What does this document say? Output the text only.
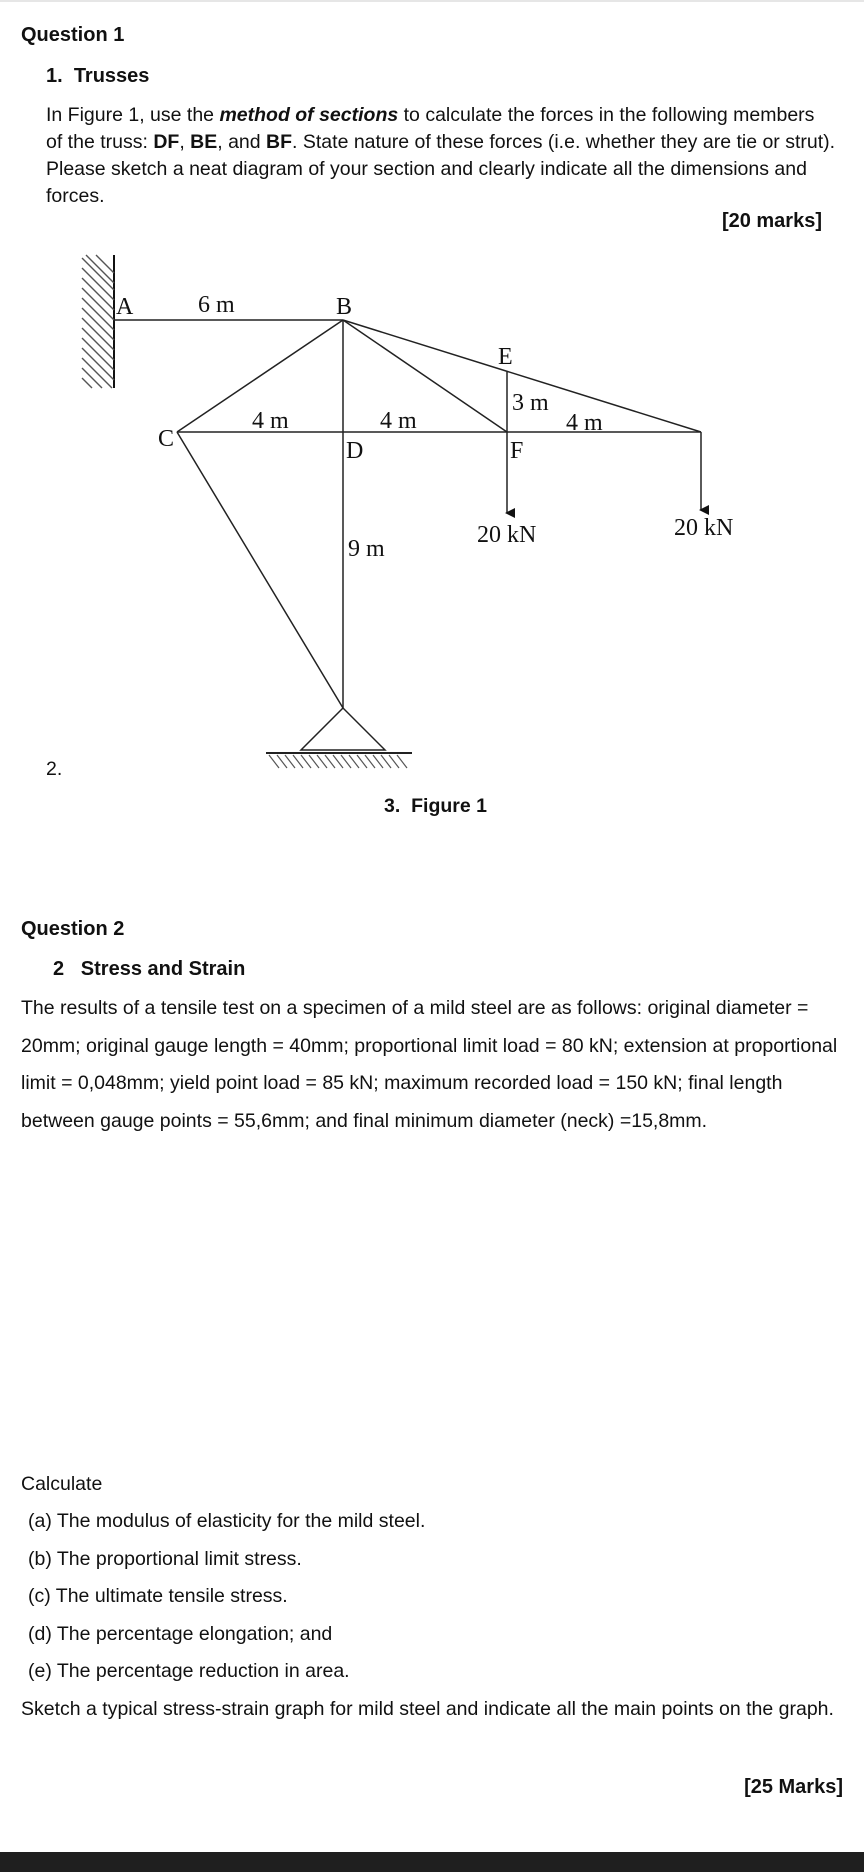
Question 1
1. Trusses
In Figure 1, use the method of sections to calculate the forces in the following members of the truss: DF, BE, and BF. State nature of these forces (i.e. whether they are tie or strut). Please sketch a neat diagram of your section and clearly indicate all the dimensions and forces.
[20 marks]
A	B
C	D
E
F
6 m
4 m	4 m
3 m
4 m
9 m
20 kN	20 kN
2.
3. Figure 1
Question 2
2 Stress and Strain
The results of a tensile test on a specimen of a mild steel are as follows: original diameter = 20mm; original gauge length = 40mm; proportional limit load = 80 kN; extension at proportional limit = 0,048mm; yield point load = 85 kN; maximum recorded load = 150 kN; final length between gauge points = 55,6mm; and final minimum diameter (neck) =15,8mm.
Calculate
(a) The modulus of elasticity for the mild steel.
(b) The proportional limit stress.
(c) The ultimate tensile stress.
(d) The percentage elongation; and
(e) The percentage reduction in area.
Sketch a typical stress-strain graph for mild steel and indicate all the main points on the graph.
[25 Marks]
